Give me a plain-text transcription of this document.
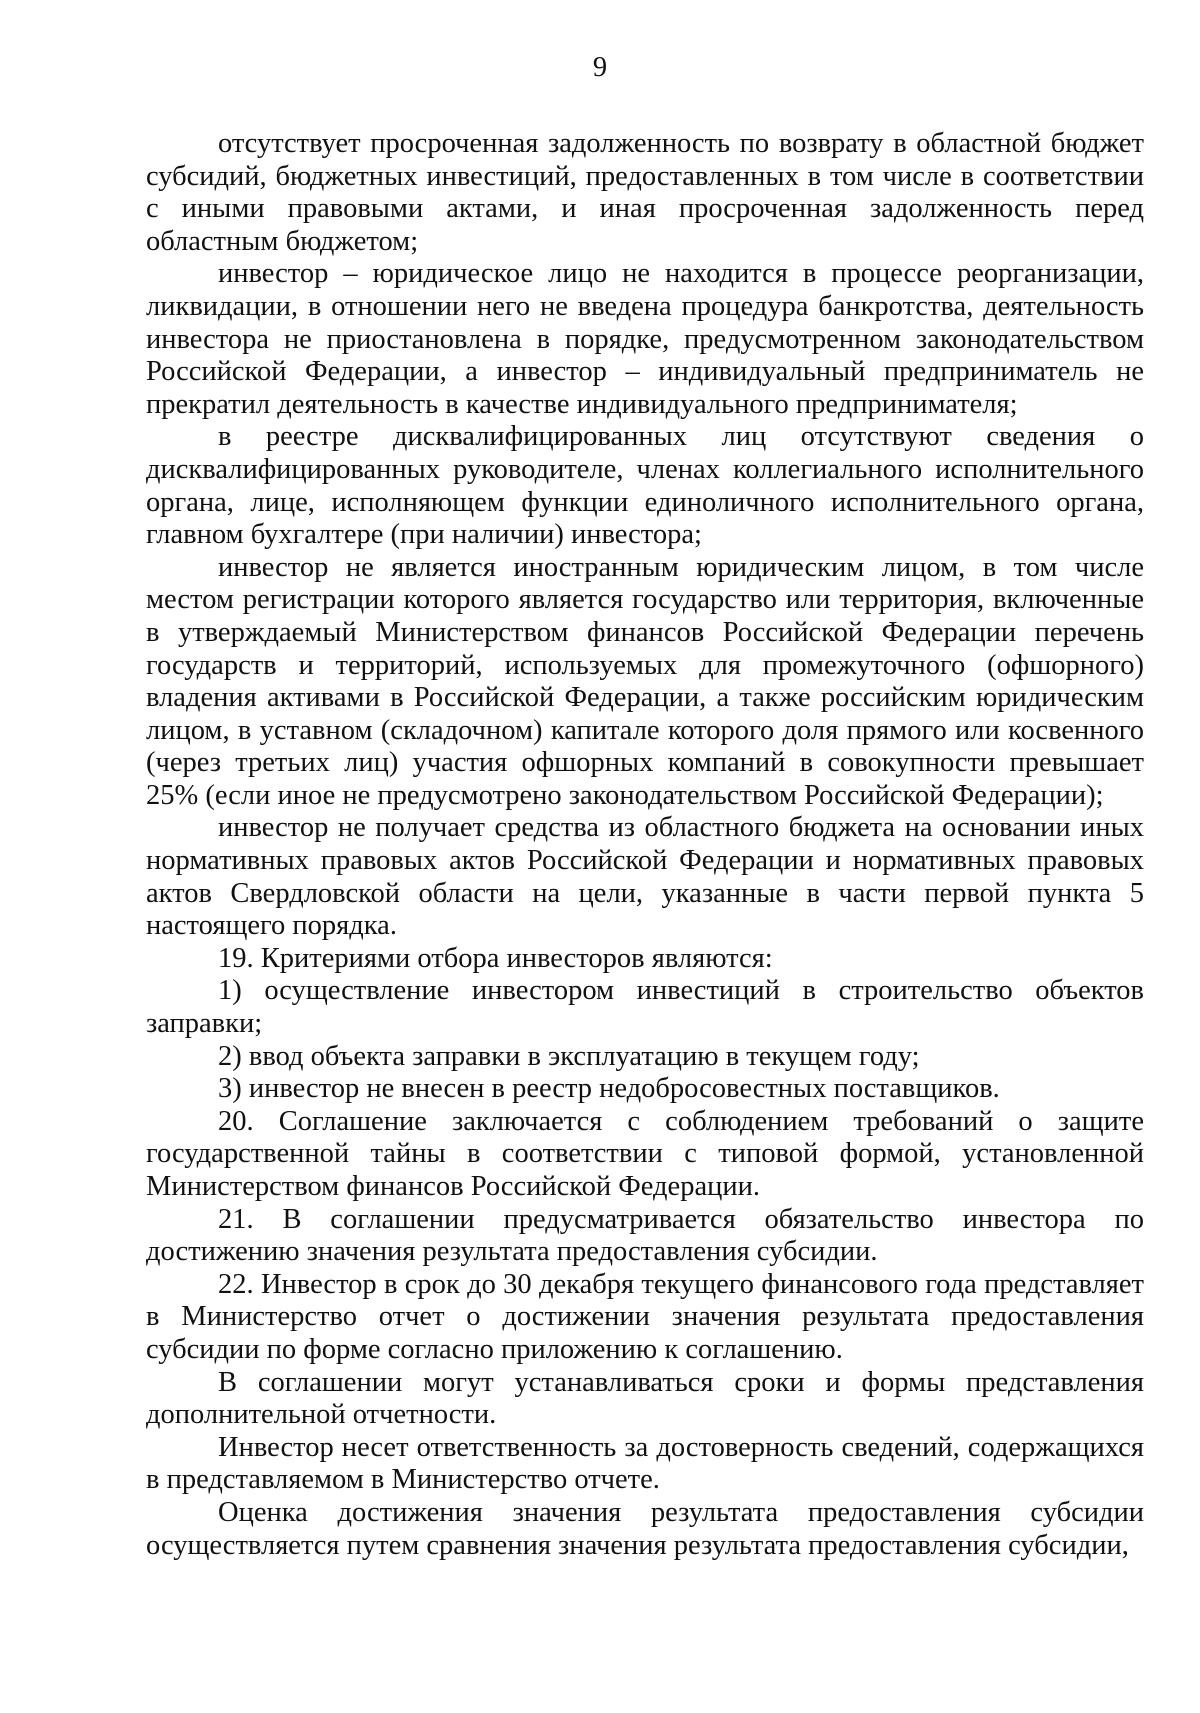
9

отсутствует просроченная задолженность по возврату в областной бюджет субсидий, бюджетных инвестиций, предоставленных в том числе в соответствии с иными правовыми актами, и иная просроченная задолженность перед областным бюджетом;

инвестор – юридическое лицо не находится в процессе реорганизации, ликвидации, в отношении него не введена процедура банкротства, деятельность инвестора не приостановлена в порядке, предусмотренном законодательством Российской Федерации, а инвестор – индивидуальный предприниматель не прекратил деятельность в качестве индивидуального предпринимателя;

в реестре дисквалифицированных лиц отсутствуют сведения о дисквалифицированных руководителе, членах коллегиального исполнительного органа, лице, исполняющем функции единоличного исполнительного органа, главном бухгалтере (при наличии) инвестора;

инвестор не является иностранным юридическим лицом, в том числе местом регистрации которого является государство или территория, включенные в утверждаемый Министерством финансов Российской Федерации перечень государств и территорий, используемых для промежуточного (офшорного) владения активами в Российской Федерации, а также российским юридическим лицом, в уставном (складочном) капитале которого доля прямого или косвенного (через третьих лиц) участия офшорных компаний в совокупности превышает 25% (если иное не предусмотрено законодательством Российской Федерации);

инвестор не получает средства из областного бюджета на основании иных нормативных правовых актов Российской Федерации и нормативных правовых актов Свердловской области на цели, указанные в части первой пункта 5 настоящего порядка.

19. Критериями отбора инвесторов являются:

1) осуществление инвестором инвестиций в строительство объектов заправки;

2) ввод объекта заправки в эксплуатацию в текущем году;

3) инвестор не внесен в реестр недобросовестных поставщиков.

20. Соглашение заключается с соблюдением требований о защите государственной тайны в соответствии с типовой формой, установленной Министерством финансов Российской Федерации.

21. В соглашении предусматривается обязательство инвестора по достижению значения результата предоставления субсидии.

22. Инвестор в срок до 30 декабря текущего финансового года представляет в Министерство отчет о достижении значения результата предоставления субсидии по форме согласно приложению к соглашению.

В соглашении могут устанавливаться сроки и формы представления дополнительной отчетности.

Инвестор несет ответственность за достоверность сведений, содержащихся в представляемом в Министерство отчете.

Оценка достижения значения результата предоставления субсидии осуществляется путем сравнения значения результата предоставления субсидии,
